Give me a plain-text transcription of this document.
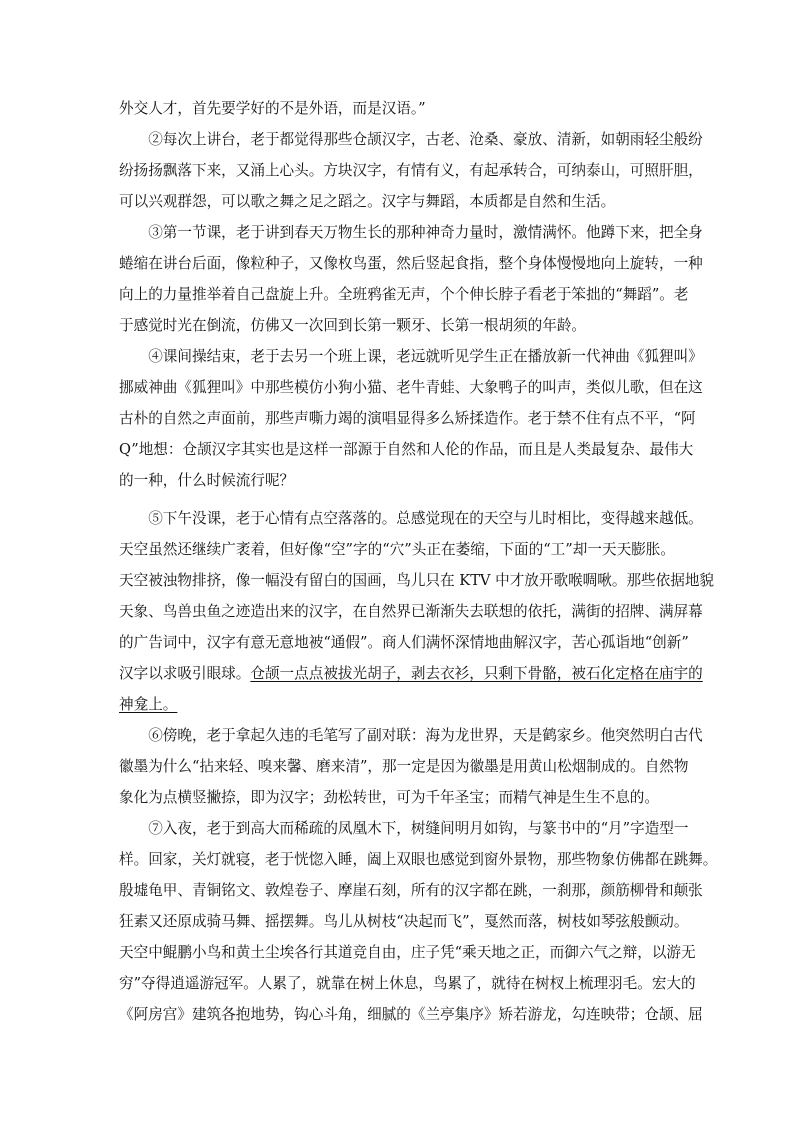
外交人才，首先要学好的不是外语，而是汉语。”
　　②每次上讲台，老于都觉得那些仓颉汉字，古老、沧桑、豪放、清新，如朝雨轻尘般纷
纷扬扬飘落下来，又涌上心头。方块汉字，有情有义，有起承转合，可纳泰山，可照肝胆，
可以兴观群怨，可以歌之舞之足之蹈之。汉字与舞蹈，本质都是自然和生活。
　　③第一节课，老于讲到春天万物生长的那种神奇力量时，激情满怀。他蹲下来，把全身
蜷缩在讲台后面，像粒种子，又像枚鸟蛋，然后竖起食指，整个身体慢慢地向上旋转，一种
向上的力量推举着自己盘旋上升。全班鸦雀无声，个个伸长脖子看老于笨拙的“舞蹈”。老
于感觉时光在倒流，仿佛又一次回到长第一颗牙、长第一根胡须的年龄。
　　④课间操结束，老于去另一个班上课，老远就听见学生正在播放新一代神曲《狐狸叫》
挪威神曲《狐狸叫》中那些模仿小狗小猫、老牛青蛙、大象鸭子的叫声，类似儿歌，但在这
古朴的自然之声面前，那些声嘶力竭的演唱显得多么矫揉造作。老于禁不住有点不平，“阿
Q”地想：仓颉汉字其实也是这样一部源于自然和人伦的作品，而且是人类最复杂、最伟大
的一种，什么时候流行呢？
　　⑤下午没课，老于心情有点空落落的。总感觉现在的天空与儿时相比，变得越来越低。
天空虽然还继续广袤着，但好像“空”字的“穴”头正在萎缩，下面的“工”却一天天膨胀。
天空被浊物排挤，像一幅没有留白的国画，鸟儿只在 KTV 中才放开歌喉啁啾。那些依据地貌
天象、鸟兽虫鱼之迹造出来的汉字，在自然界已渐渐失去联想的依托，满街的招牌、满屏幕
的广告词中，汉字有意无意地被“通假”。商人们满怀深情地曲解汉字，苦心孤诣地“创新”
汉字以求吸引眼球。仓颉一点点被拔光胡子，剥去衣衫，只剩下骨骼，被石化定格在庙宇的
神龛上。
　　⑥傍晚，老于拿起久违的毛笔写了副对联：海为龙世界，天是鹤家乡。他突然明白古代
徽墨为什么“拈来轻、嗅来馨、磨来清”，那一定是因为徽墨是用黄山松烟制成的。自然物
象化为点横竖撇捺，即为汉字；劲松转世，可为千年圣宝；而精气神是生生不息的。
　　⑦入夜，老于到高大而稀疏的凤凰木下，树缝间明月如钩，与篆书中的“月”字造型一
样。回家，关灯就寝，老于恍惚入睡，阖上双眼也感觉到窗外景物，那些物象仿佛都在跳舞。
殷墟龟甲、青铜铭文、敦煌卷子、摩崖石刻，所有的汉字都在跳，一刹那，颜筋柳骨和颠张
狂素又还原成骑马舞、摇摆舞。鸟儿从树枝“决起而飞”，戛然而落，树枝如琴弦般颤动。
天空中鲲鹏小鸟和黄土尘埃各行其道竞自由，庄子凭“乘天地之正，而御六气之辩，以游无
穷”夺得逍遥游冠军。人累了，就靠在树上休息，鸟累了，就待在树杈上梳理羽毛。宏大的
《阿房宫》建筑各抱地势，钩心斗角，细腻的《兰亭集序》矫若游龙，勾连映带；仓颉、屈
